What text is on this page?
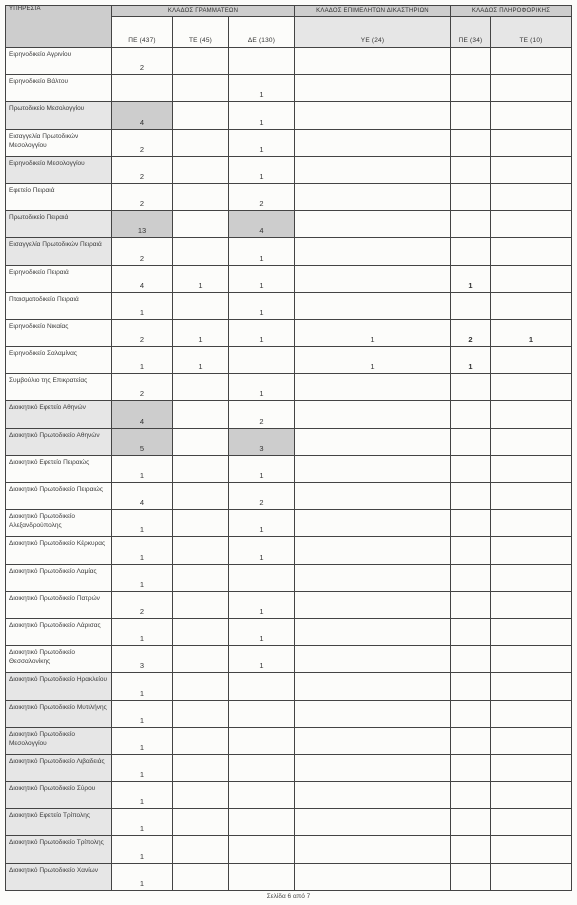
ΥΠΗΡΕΣΙΑ	ΚΛΑΔΟΣ ΓΡΑΜΜΑΤΕΩΝ			ΚΛΑΔΟΣ ΕΠΙΜΕΛΗΤΩΝ ΔΙΚΑΣΤΗΡΙΩΝ	ΚΛΑΔΟΣ ΠΛΗΡΟΦΟΡΙΚΗΣ	
	ΠΕ (437)	ΤΕ (45)	ΔΕ (130)	ΥΕ (24)	ΠΕ (34)	ΤΕ (10)
Ειρηνοδικείο Αγρινίου	2					
Ειρηνοδικείο Βάλτου			1			
Πρωτοδικείο Μεσολογγίου	4		1			
Εισαγγελία Πρωτοδικών Μεσολογγίου	2		1			
Ειρηνοδικείο Μεσολογγίου	2		1			
Εφετείο Πειραιά	2		2			
Πρωτοδικείο Πειραιά	13		4			
Εισαγγελία Πρωτοδικών Πειραιά	2		1			
Ειρηνοδικείο Πειραιά	4	1	1		1	
Πταισματοδικείο Πειραιά	1		1			
Ειρηνοδικείο Νικαίας	2	1	1	1	2	1
Ειρηνοδικείο Σαλαμίνας	1	1		1	1	
Συμβούλιο της Επικρατείας	2		1			
Διοικητικό Εφετείο Αθηνών	4		2			
Διοικητικό Πρωτοδικείο Αθηνών	5		3			
Διοικητικό Εφετείο Πειραιώς	1		1			
Διοικητικό Πρωτοδικείο Πειραιώς	4		2			
Διοικητικό Πρωτοδικείο Αλεξανδρούπολης	1		1			
Διοικητικό Πρωτοδικείο Κέρκυρας	1		1			
Διοικητικό Πρωτοδικείο Λαμίας	1					
Διοικητικό Πρωτοδικείο Πατρών	2		1			
Διοικητικό Πρωτοδικείο Λάρισας	1		1			
Διοικητικό Πρωτοδικείο Θεσσαλονίκης	3		1			
Διοικητικό Πρωτοδικείο Ηρακλείου	1					
Διοικητικό Πρωτοδικείο Μυτιλήνης	1					
Διοικητικό Πρωτοδικείο Μεσολογγίου	1					
Διοικητικό Πρωτοδικείο Λιβαδειάς	1					
Διοικητικό Πρωτοδικείο Σύρου	1					
Διοικητικό Εφετείο Τρίπολης	1					
Διοικητικό Πρωτοδικείο Τρίπολης	1					
Διοικητικό Πρωτοδικείο Χανίων	1					
Σελίδα 6 από 7
